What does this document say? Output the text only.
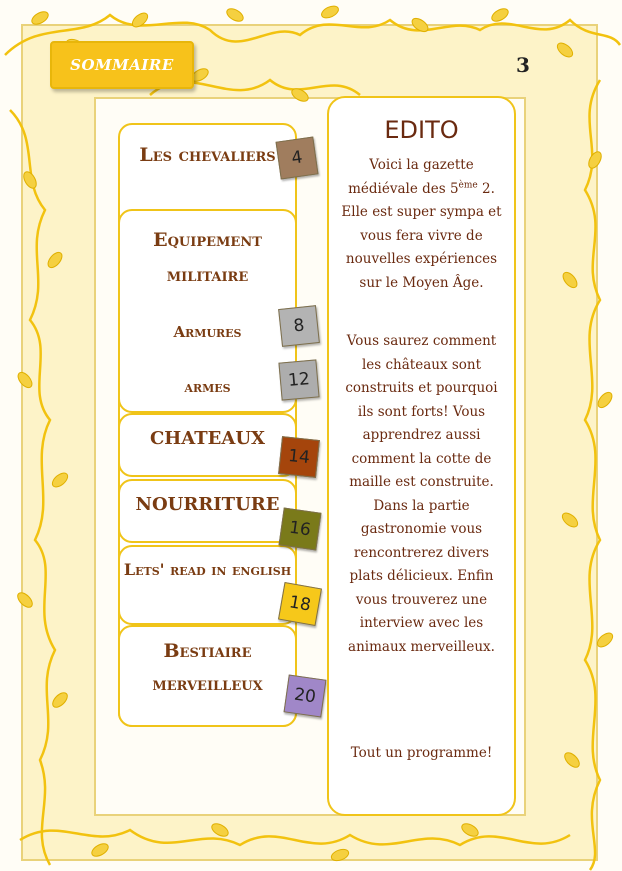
SOMMAIRE	3
Les chevaliers
Equipement militaire
Armures
armes
CHATEAUX
NOURRITURE
Lets' read in english
Bestiaire merveilleux
4
8
12
14
16
18
20
EDITO
Voici la gazette médiévale des 5ème 2. Elle est super sympa et vous fera vivre de nouvelles expériences sur le Moyen Âge.
Vous saurez comment les châteaux sont construits et pourquoi ils sont forts! Vous apprendrez aussi comment la cotte de maille est construite. Dans la partie gastronomie vous rencontrerez divers plats délicieux. Enfin vous trouverez une interview avec les animaux merveilleux.
Tout un programme!
